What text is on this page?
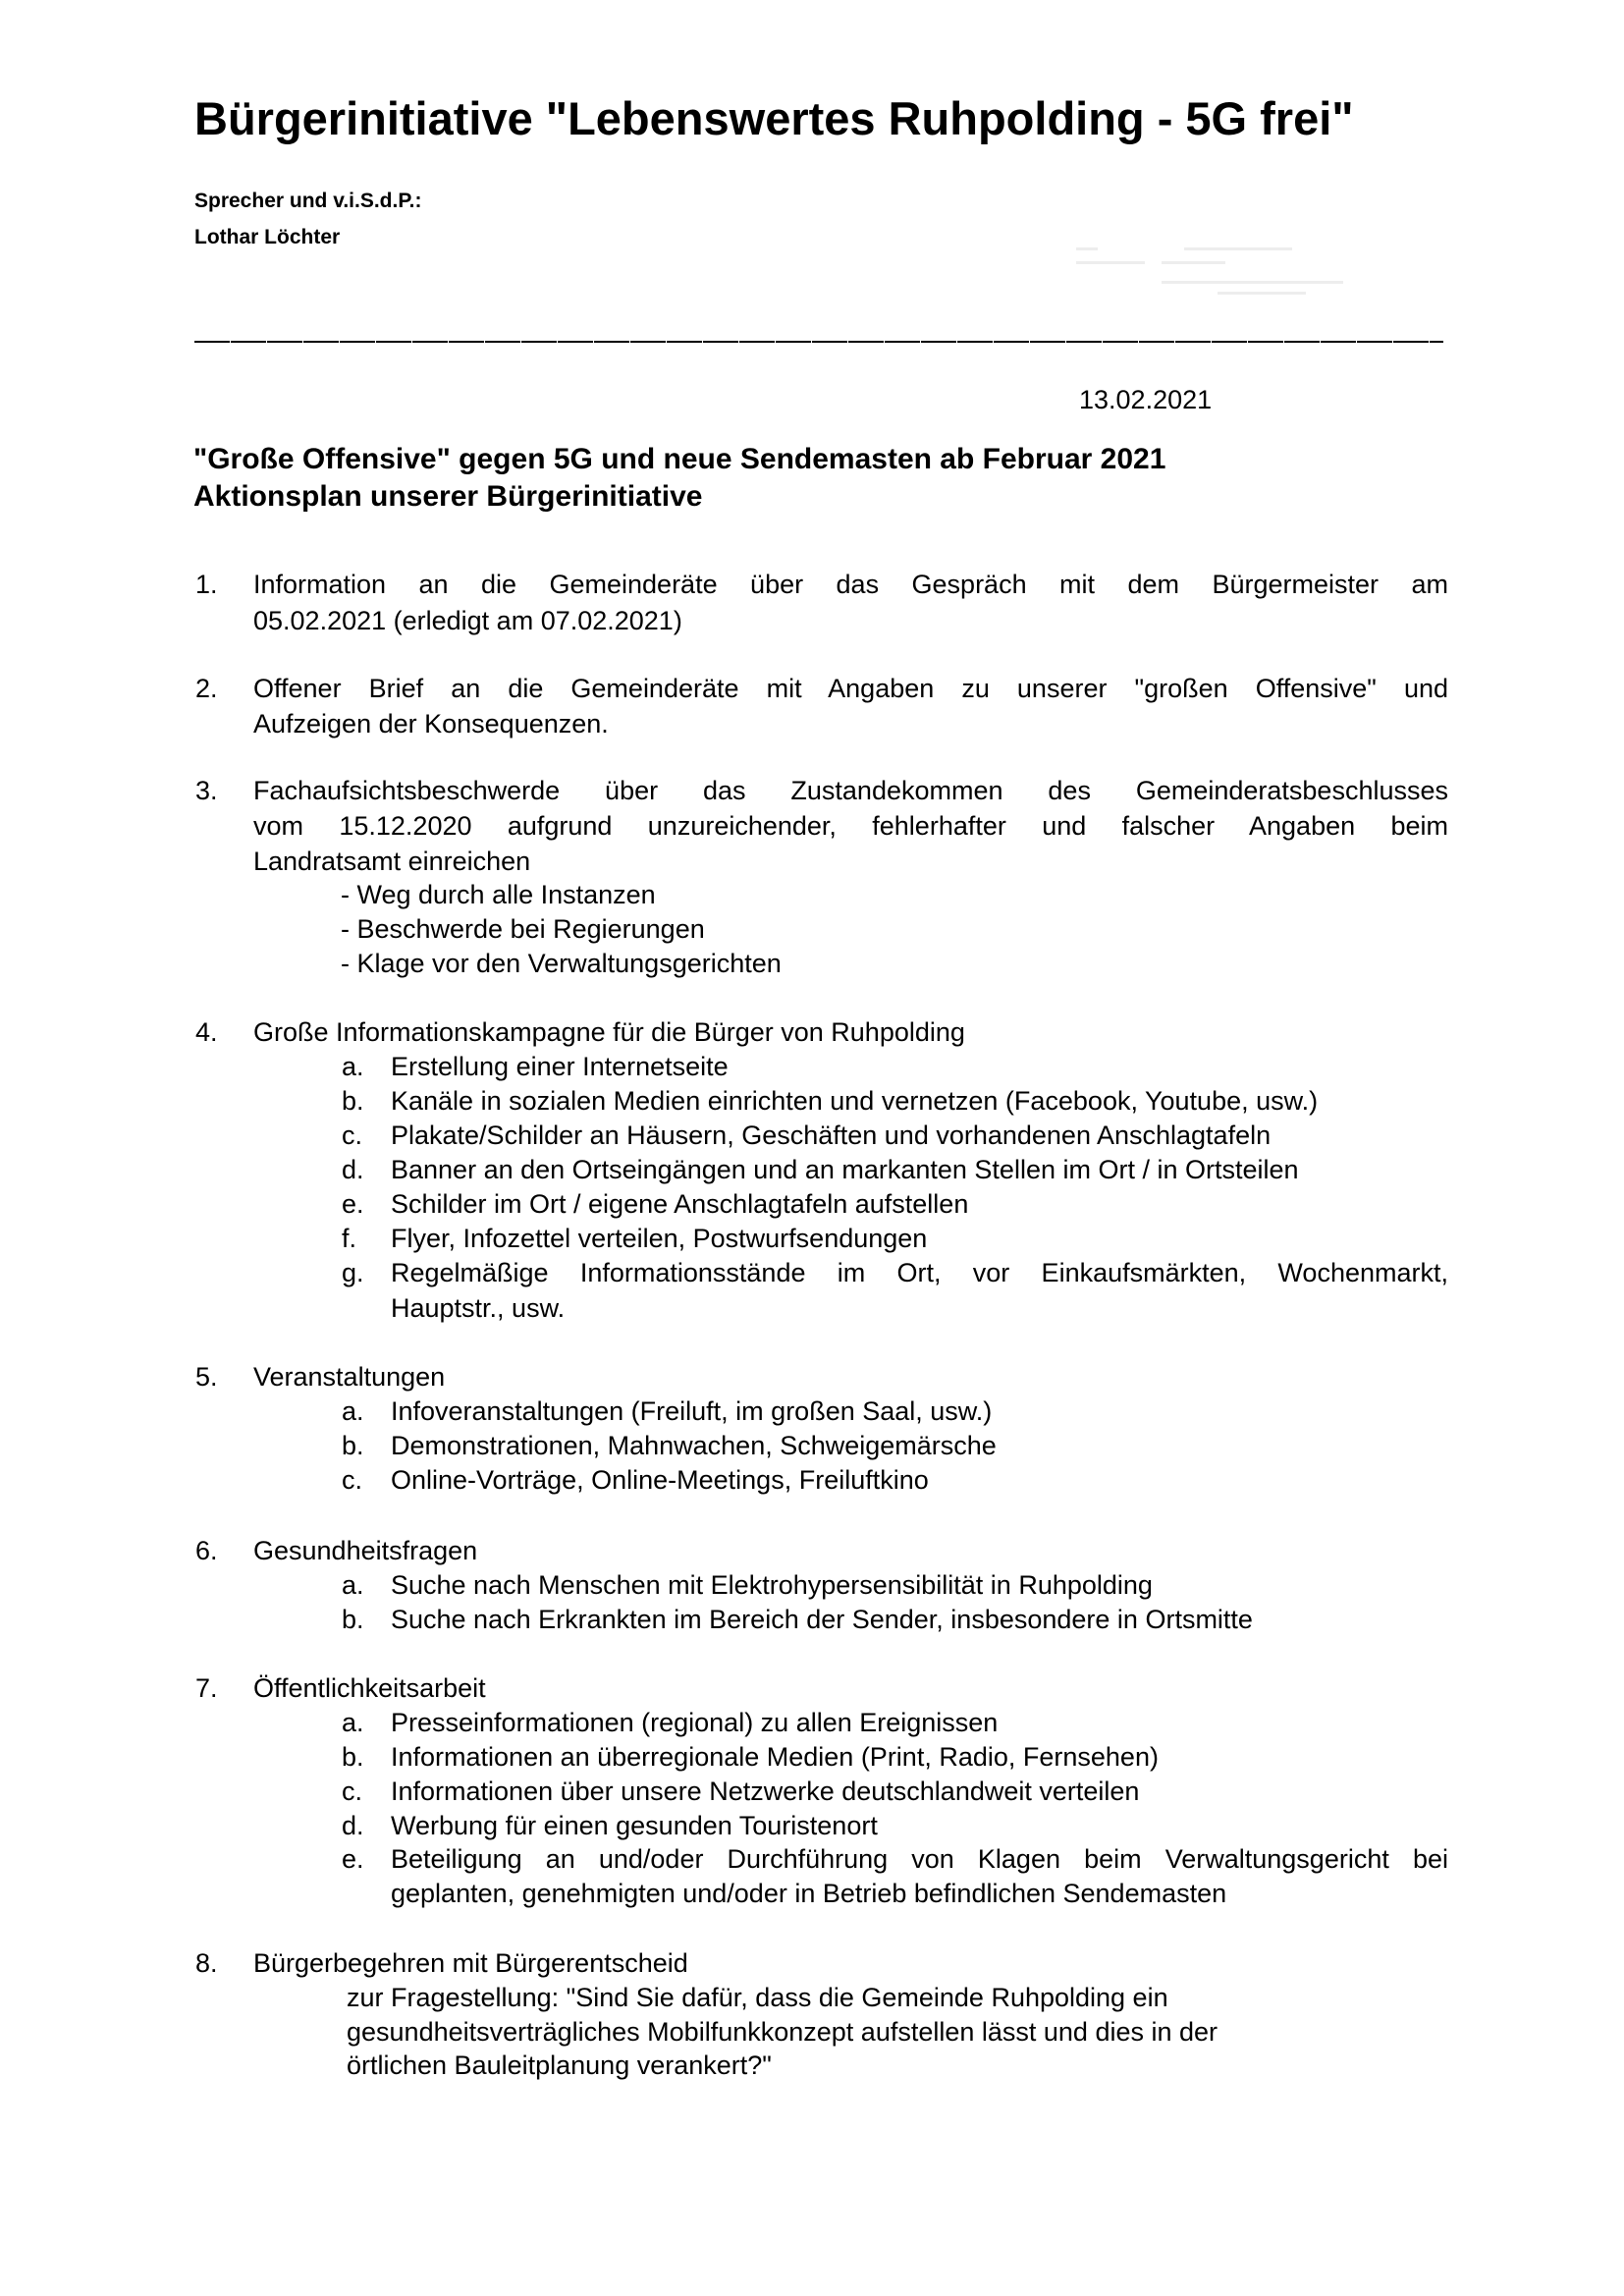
Bürgerinitiative "Lebenswertes Ruhpolding - 5G frei"
Sprecher und v.i.S.d.P.:
Lothar Löchter
13.02.2021
"Große Offensive" gegen 5G und neue Sendemasten ab Februar 2021
Aktionsplan unserer Bürgerinitiative
1. Information an die Gemeinderäte über das Gespräch mit dem Bürgermeister am
05.02.2021 (erledigt am 07.02.2021)
2. Offener Brief an die Gemeinderäte mit Angaben zu unserer "großen Offensive" und
Aufzeigen der Konsequenzen.
3. Fachaufsichtsbeschwerde über das Zustandekommen des Gemeinderatsbeschlusses
vom 15.12.2020 aufgrund unzureichender, fehlerhafter und falscher Angaben beim
Landratsamt einreichen
- Weg durch alle Instanzen
- Beschwerde bei Regierungen
- Klage vor den Verwaltungsgerichten
4. Große Informationskampagne für die Bürger von Ruhpolding
a. Erstellung einer Internetseite
b. Kanäle in sozialen Medien einrichten und vernetzen (Facebook, Youtube, usw.)
c. Plakate/Schilder an Häusern, Geschäften und vorhandenen Anschlagtafeln
d. Banner an den Ortseingängen und an markanten Stellen im Ort / in Ortsteilen
e. Schilder im Ort / eigene Anschlagtafeln aufstellen
f. Flyer, Infozettel verteilen, Postwurfsendungen
g. Regelmäßige Informationsstände im Ort, vor Einkaufsmärkten, Wochenmarkt,
Hauptstr., usw.
5. Veranstaltungen
a. Infoveranstaltungen (Freiluft, im großen Saal, usw.)
b. Demonstrationen, Mahnwachen, Schweigemärsche
c. Online-Vorträge, Online-Meetings, Freiluftkino
6. Gesundheitsfragen
a. Suche nach Menschen mit Elektrohypersensibilität in Ruhpolding
b. Suche nach Erkrankten im Bereich der Sender, insbesondere in Ortsmitte
7. Öffentlichkeitsarbeit
a. Presseinformationen (regional) zu allen Ereignissen
b. Informationen an überregionale Medien (Print, Radio, Fernsehen)
c. Informationen über unsere Netzwerke deutschlandweit verteilen
d. Werbung für einen gesunden Touristenort
e. Beteiligung an und/oder Durchführung von Klagen beim Verwaltungsgericht bei
geplanten, genehmigten und/oder in Betrieb befindlichen Sendemasten
8. Bürgerbegehren mit Bürgerentscheid
zur Fragestellung: "Sind Sie dafür, dass die Gemeinde Ruhpolding ein
gesundheitsverträgliches Mobilfunkkonzept aufstellen lässt und dies in der
örtlichen Bauleitplanung verankert?"
